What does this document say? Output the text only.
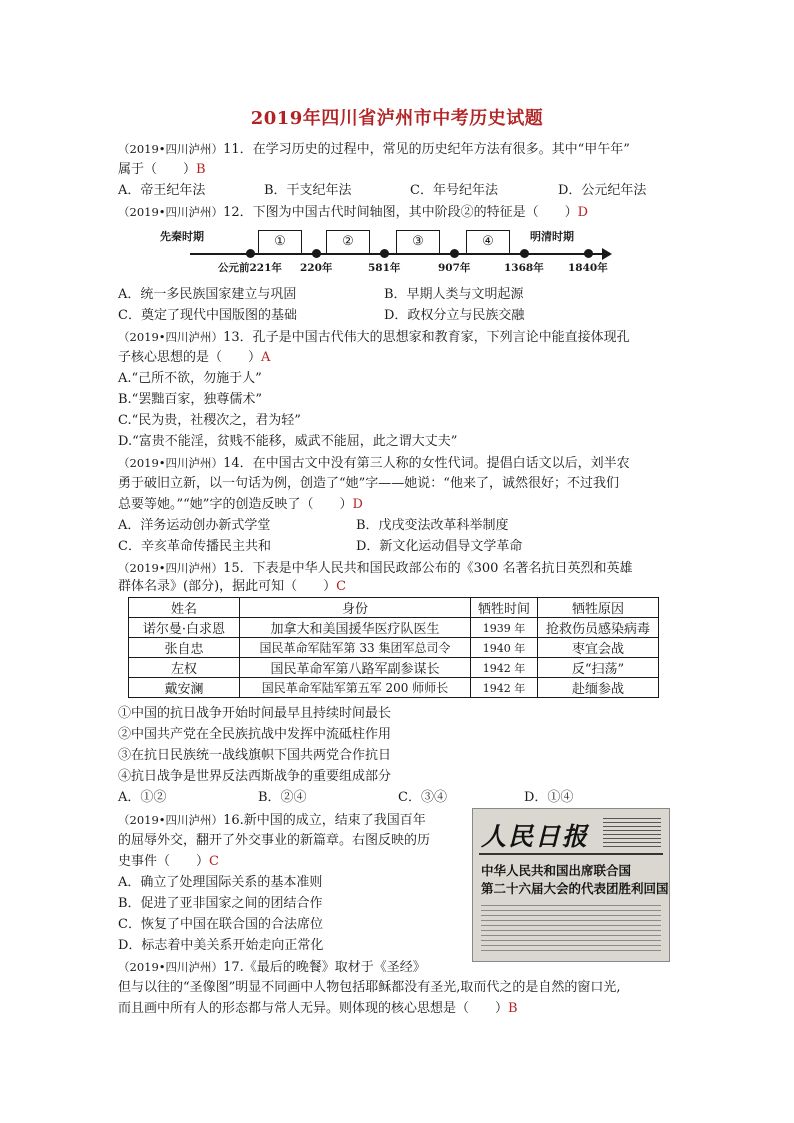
2019年四川省泸州市中考历史试题
（2019•四川泸州）11．在学习历史的过程中，常见的历史纪年方法有很多。其中“甲午年”
属于（　　）B
A．帝王纪年法	B．干支纪年法	C．年号纪年法	D．公元纪年法
（2019•四川泸州）12．下图为中国古代时间轴图，其中阶段②的特征是（　　）D
先秦时期	明清时期
①	②	③	④
公元前221年 220年	581年	907年	1368年 1840年
A．统一多民族国家建立与巩固	B．早期人类与文明起源
C．奠定了现代中国版图的基础	D．政权分立与民族交融
（2019•四川泸州）13．孔子是中国古代伟大的思想家和教育家，下列言论中能直接体现孔
子核心思想的是（　　）A
A.“己所不欲，勿施于人”
B.“罢黜百家，独尊儒术”
C.“民为贵，社稷次之，君为轻”
D.“富贵不能淫，贫贱不能移，威武不能屈，此之谓大丈夫”
（2019•四川泸州）14．在中国古文中没有第三人称的女性代词。提倡白话文以后，刘半农
勇于破旧立新，以一句话为例，创造了“她”字——她说：“他来了，诚然很好；不过我们
总要等她。”“她”字的创造反映了（　　）D
A．洋务运动创办新式学堂	B．戊戌变法改革科举制度
C．辛亥革命传播民主共和	D．新文化运动倡导文学革命
（2019•四川泸州）15．下表是中华人民共和国民政部公布的《300 名著名抗日英烈和英雄
群体名录》(部分)，据此可知（　　）C
姓名	身份	牺牲时间	牺牲原因
诺尔曼·白求恩	加拿大和美国援华医疗队医生	1939 年	抢救伤员感染病毒
张自忠	国民革命军陆军第 33 集团军总司令	1940 年	枣宜会战
左权	国民革命军第八路军副参谋长	1942 年	反“扫荡”
戴安澜	国民革命军陆军第五军 200 师师长	1942 年	赴缅参战
①中国的抗日战争开始时间最早且持续时间最长
②中国共产党在全民族抗战中发挥中流砥柱作用
③在抗日民族统一战线旗帜下国共两党合作抗日
④抗日战争是世界反法西斯战争的重要组成部分
A．①②	B．②④	C．③④	D．①④
（2019•四川泸州）16.新中国的成立，结束了我国百年
的屈辱外交，翻开了外交事业的新篇章。右图反映的历
史事件（　　）C
A．确立了处理国际关系的基本准则
B．促进了亚非国家之间的团结合作
C．恢复了中国在联合国的合法席位
D．标志着中美关系开始走向正常化
人民日报
中华人民共和国出席联合国
第二十六届大会的代表团胜利回国
（2019•四川泸州）17.《最后的晚餐》取材于《圣经》
但与以往的“圣像图”明显不同画中人物包括耶稣都没有圣光,取而代之的是自然的窗口光,
而且画中所有人的形态都与常人无异。则体现的核心思想是（　　）B
